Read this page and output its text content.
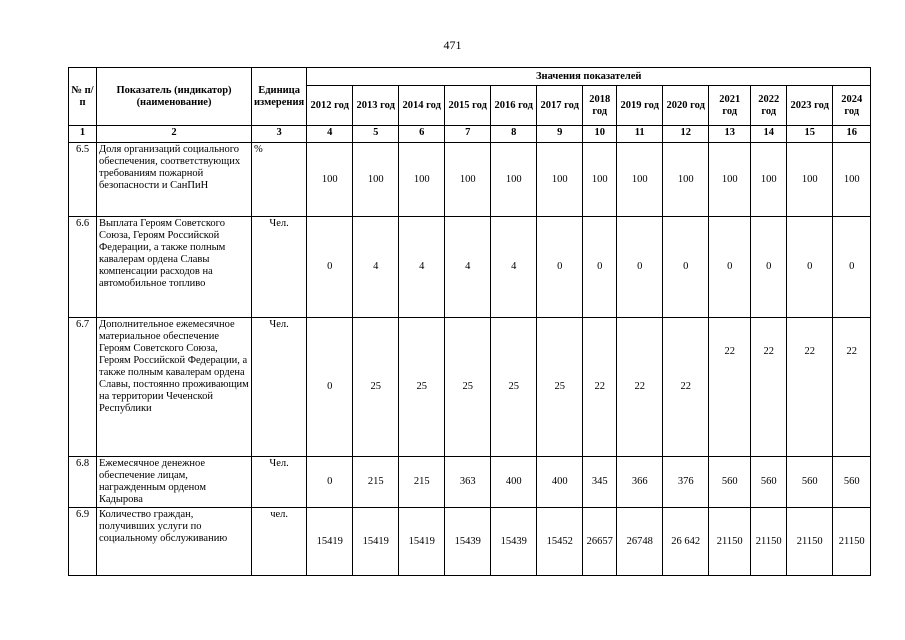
471
№ п/п	Показатель (индикатор) (наименование)	Единица измерения	Значения показателей												
			2012 год	2013 год	2014 год	2015 год	2016 год	2017 год	2018 год	2019 год	2020 год	2021 год	2022 год	2023 год	2024 год
1	2	3	4	5	6	7	8	9	10	11	12	13	14	15	16
6.5	Доля организаций социального обеспечения, соответствующих требованиям пожарной безопасности и СанПиН	%	100	100	100	100	100	100	100	100	100	100	100	100	100
6.6	Выплата Героям Советского Союза, Героям Российской Федерации, а также полным кавалерам ордена Славы компенсации расходов на автомобильное топливо	Чел.	0	4	4	4	4	0	0	0	0	0	0	0	0
6.7	Дополнительное ежемесячное материальное обеспечение Героям Советского Союза, Героям Российской Федерации, а также полным кавалерам ордена Славы, постоянно проживающим на территории Чеченской Республики	Чел.	0	25	25	25	25	25	22	22	22	22	22	22	22
6.8	Ежемесячное денежное обеспечение лицам, награжденным орденом Кадырова	Чел.	0	215	215	363	400	400	345	366	376	560	560	560	560
6.9	Количество граждан, получивших услуги по социальному обслуживанию	чел.	15419	15419	15419	15439	15439	15452	26657	26748	26 642	21150	21150	21150	21150
